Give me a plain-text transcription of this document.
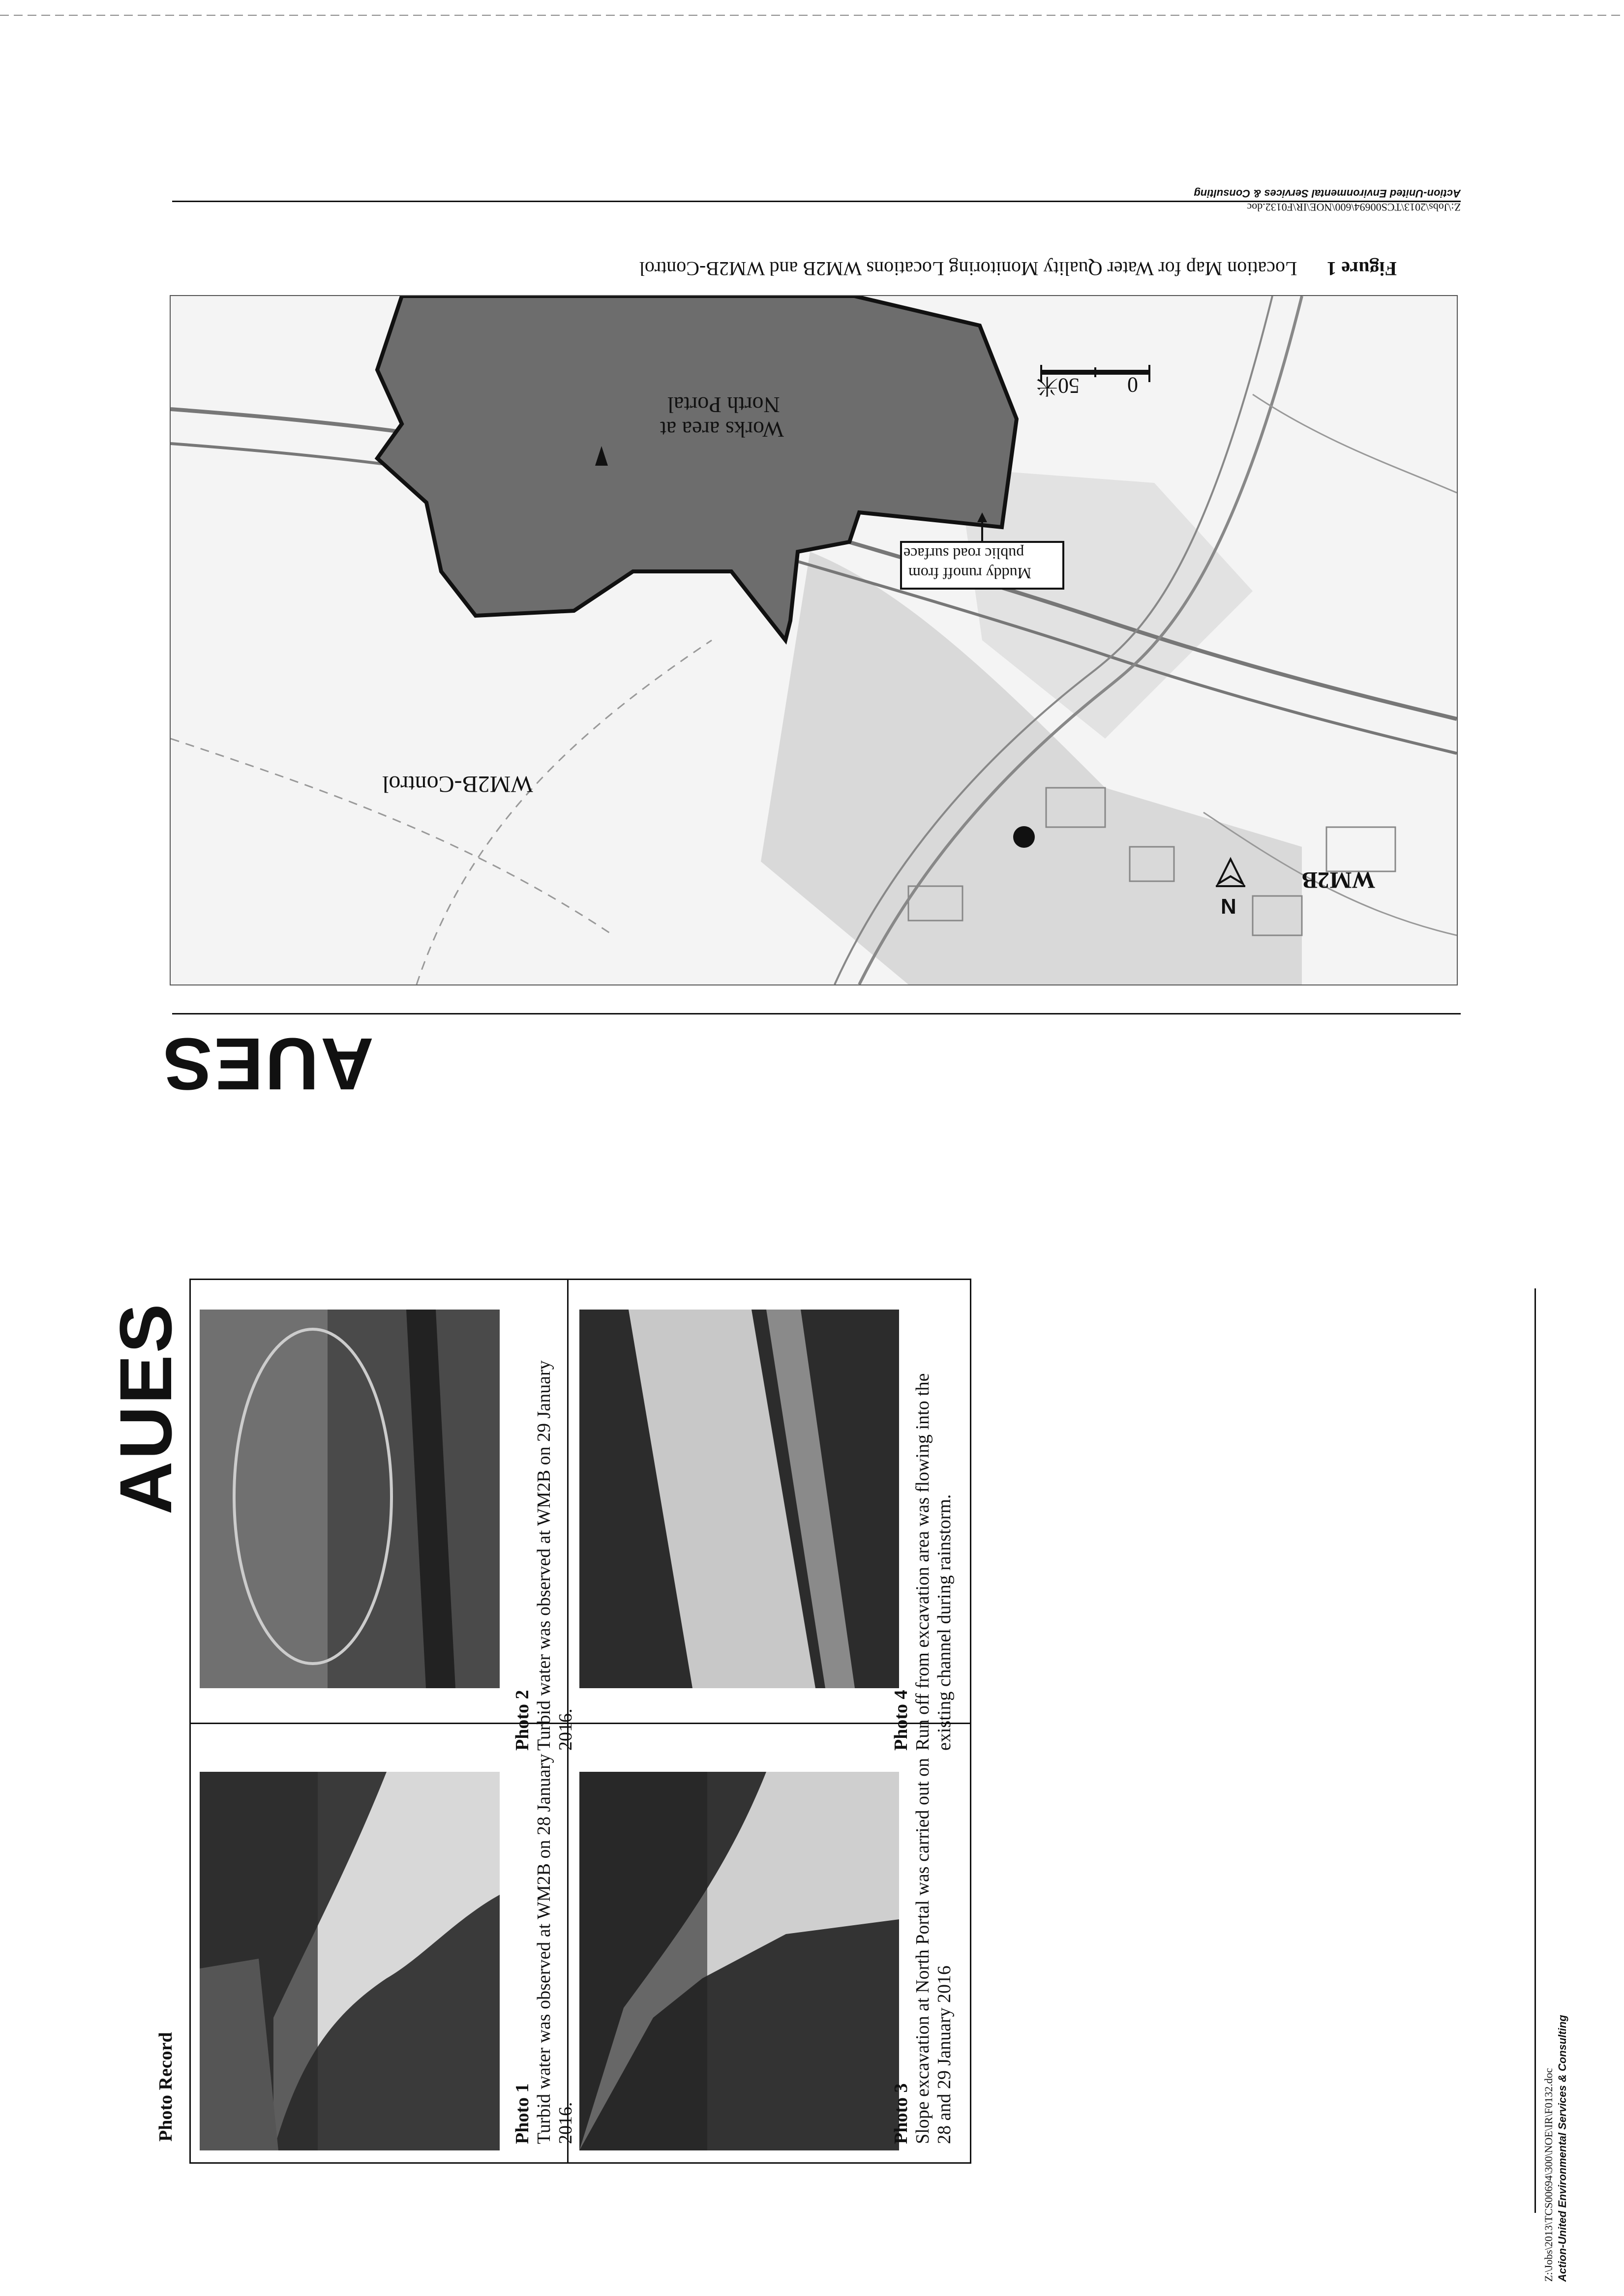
Z:\Jobs\2013\TCS00694\600\NOE\IR\F0132.doc
Action-United Environmental Services & Consulting
Figure 1 Location Map for Water Quality Monitoring Locations WM2B and WM2B-Control
AUES
0
50米
N
Works area at
North Portal
WM2B-Control
WM2B
Muddy runoff from
public road surface
Photo Record
AUES
Photo 1 Turbid water was observed at WM2B on 28 January 2016.
Photo 2 Turbid water was observed at WM2B on 29 January 2016.
Photo 3 Slope excavation at North Portal was carried out on 28 and 29 January 2016
Photo 4 Run off from excavation area was flowing into the existing channel during rainstorm.
Z:\Jobs\2013\TCS00694\300\NOE\IR\F0132.doc Action-United Environmental Services & Consulting
